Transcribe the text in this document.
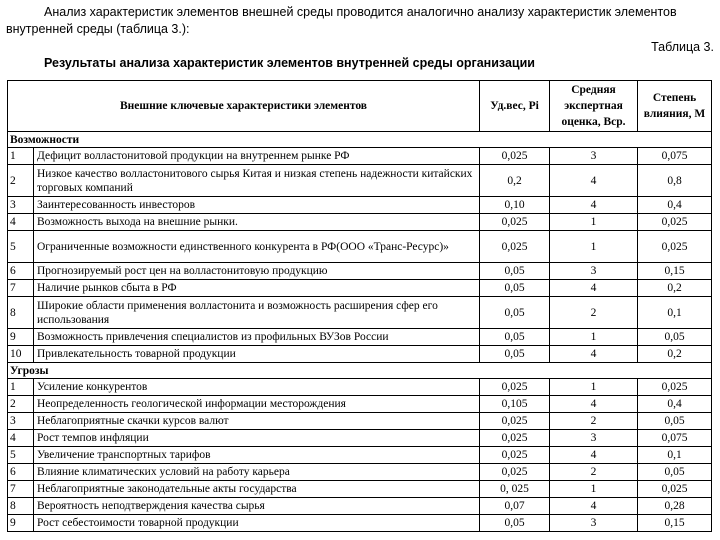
Анализ характеристик элементов внешней среды проводится аналогично анализу характеристик элементов внутренней среды (таблица 3.):

Таблица 3.
Результаты анализа характеристик элементов внутренней среды организации
Внешние ключевые характеристики элементов		Уд.вес, Pi	Средняя экспертная оценка, Bср.	Степень влияния, M
Возможности				
1	Дефицит волластонитовой продукции на внутреннем рынке РФ	0,025	3	0,075
2	Низкое качество волластонитового сырья Китая и низкая степень надежности китайских торговых компаний	0,2	4	0,8
3	Заинтересованность инвесторов	0,10	4	0,4
4	Возможность выхода на внешние рынки.	0,025	1	0,025
5	Ограниченные возможности единственного конкурента в РФ(ООО «Транс-Ресурс)»	0,025	1	0,025
6	Прогнозируемый рост цен на волластонитовую продукцию	0,05	3	0,15
7	Наличие рынков сбыта в РФ	0,05	4	0,2
8	Широкие области применения волластонита и возможность расширения сфер его использования	0,05	2	0,1
9	Возможность привлечения специалистов из профильных ВУЗов России	0,05	1	0,05
10	Привлекательность товарной продукции	0,05	4	0,2
Угрозы				
1	Усиление конкурентов	0,025	1	0,025
2	Неопределенность геологической информации месторождения	0,105	4	0,4
3	Неблагоприятные скачки курсов валют	0,025	2	0,05
4	Рост темпов инфляции	0,025	3	0,075
5	Увеличение транспортных тарифов	0,025	4	0,1
6	Влияние климатических условий на работу карьера	0,025	2	0,05
7	Неблагоприятные законодательные акты государства	0, 025	1	0,025
8	Вероятность неподтверждения качества сырья	0,07	4	0,28
9	Рост себестоимости товарной продукции	0,05	3	0,15
